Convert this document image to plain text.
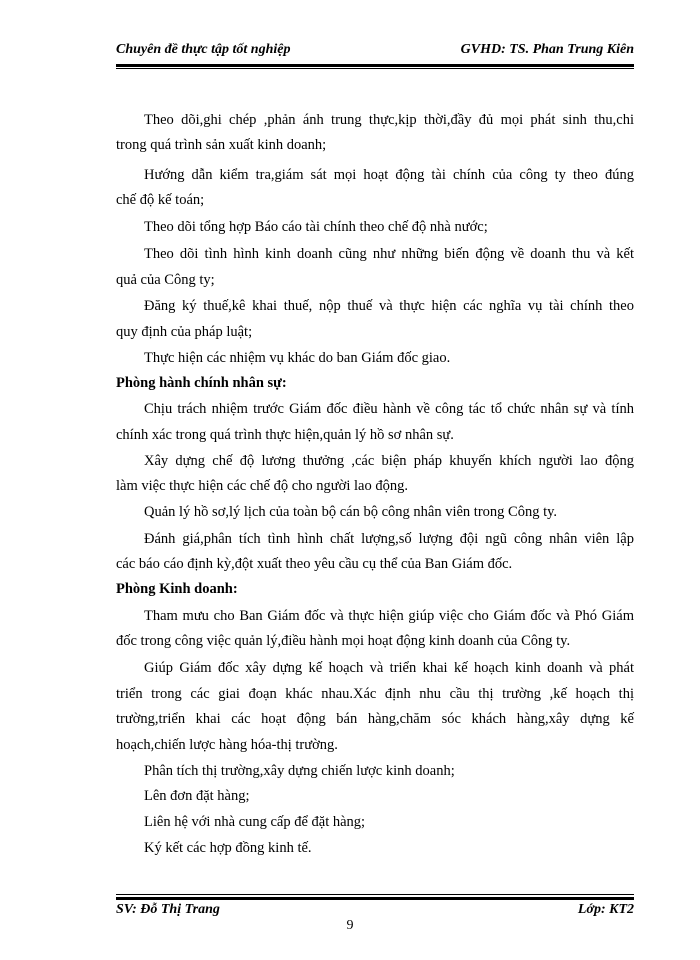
Chuyên đề thực tập tốt nghiệp	GVHD: TS. Phan Trung Kiên
Theo dõi,ghi chép ,phản ánh trung thực,kịp thời,đầy đủ mọi phát sinh thu,chi
trong quá trình sản xuất kinh doanh;
Hướng dẫn kiểm tra,giám sát mọi hoạt động tài chính của công ty theo đúng
chế độ kế toán;
Theo dõi tổng hợp Báo cáo tài chính theo chế độ nhà nước;
Theo dõi tình hình kinh doanh cũng như những biến động về doanh thu và kết
quả của Công ty;
Đăng ký thuế,kê khai thuế, nộp thuế và thực hiện các nghĩa vụ tài chính theo
quy định của pháp luật;
Thực hiện các nhiệm vụ khác do ban Giám đốc giao.
Phòng hành chính nhân sự:
Chịu trách nhiệm trước Giám đốc điều hành về công tác tổ chức nhân sự và tính
chính xác trong quá trình thực hiện,quản lý hồ sơ nhân sự.
Xây dựng chế độ lương thưởng ,các biện pháp khuyến khích người lao động
làm việc thực hiện các chế độ cho người lao động.
Quản lý hồ sơ,lý lịch của toàn bộ cán bộ công nhân viên trong Công ty.
Đánh giá,phân tích tình hình chất lượng,số lượng đội ngũ công nhân viên lập
các báo cáo định kỳ,đột xuất theo yêu cầu cụ thể của Ban Giám đốc.
Phòng Kinh doanh:
Tham mưu cho Ban Giám đốc và thực hiện giúp việc cho Giám đốc và Phó Giám
đốc trong công việc quản lý,điều hành mọi hoạt động kinh doanh của Công ty.
Giúp Giám đốc xây dựng kế hoạch và triển khai kế hoạch kinh doanh và phát
triển trong các giai đoạn khác nhau.Xác định nhu cầu thị trường ,kế hoạch thị
trường,triển khai các hoạt động bán hàng,chăm sóc khách hàng,xây dựng kế
hoạch,chiến lược hàng hóa-thị trường.
Phân tích thị trường,xây dựng chiến lược kinh doanh;
Lên đơn đặt hàng;
Liên hệ với nhà cung cấp để đặt hàng;
Ký kết các hợp đồng kinh tế.
SV: Đỗ Thị Trang	Lớp: KT2
9
